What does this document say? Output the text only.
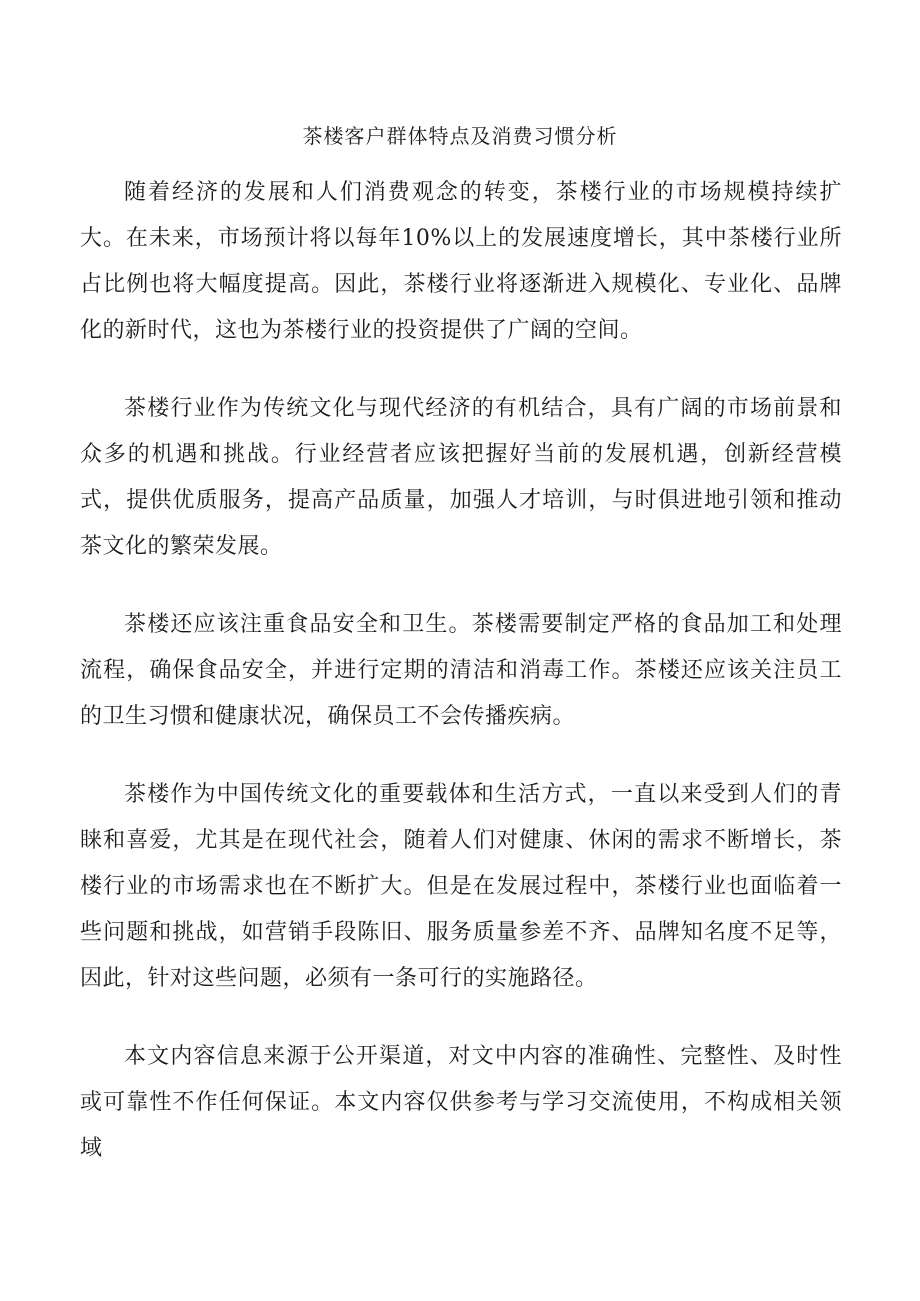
茶楼客户群体特点及消费习惯分析

随着经济的发展和人们消费观念的转变，茶楼行业的市场规模持续扩大。在未来，市场预计将以每年10%以上的发展速度增长，其中茶楼行业所占比例也将大幅度提高。因此，茶楼行业将逐渐进入规模化、专业化、品牌化的新时代，这也为茶楼行业的投资提供了广阔的空间。

茶楼行业作为传统文化与现代经济的有机结合，具有广阔的市场前景和众多的机遇和挑战。行业经营者应该把握好当前的发展机遇，创新经营模式，提供优质服务，提高产品质量，加强人才培训，与时俱进地引领和推动茶文化的繁荣发展。

茶楼还应该注重食品安全和卫生。茶楼需要制定严格的食品加工和处理流程，确保食品安全，并进行定期的清洁和消毒工作。茶楼还应该关注员工的卫生习惯和健康状况，确保员工不会传播疾病。

茶楼作为中国传统文化的重要载体和生活方式，一直以来受到人们的青睐和喜爱，尤其是在现代社会，随着人们对健康、休闲的需求不断增长，茶楼行业的市场需求也在不断扩大。但是在发展过程中，茶楼行业也面临着一些问题和挑战，如营销手段陈旧、服务质量参差不齐、品牌知名度不足等，因此，针对这些问题，必须有一条可行的实施路径。

本文内容信息来源于公开渠道，对文中内容的准确性、完整性、及时性或可靠性不作任何保证。本文内容仅供参考与学习交流使用，不构成相关领域
